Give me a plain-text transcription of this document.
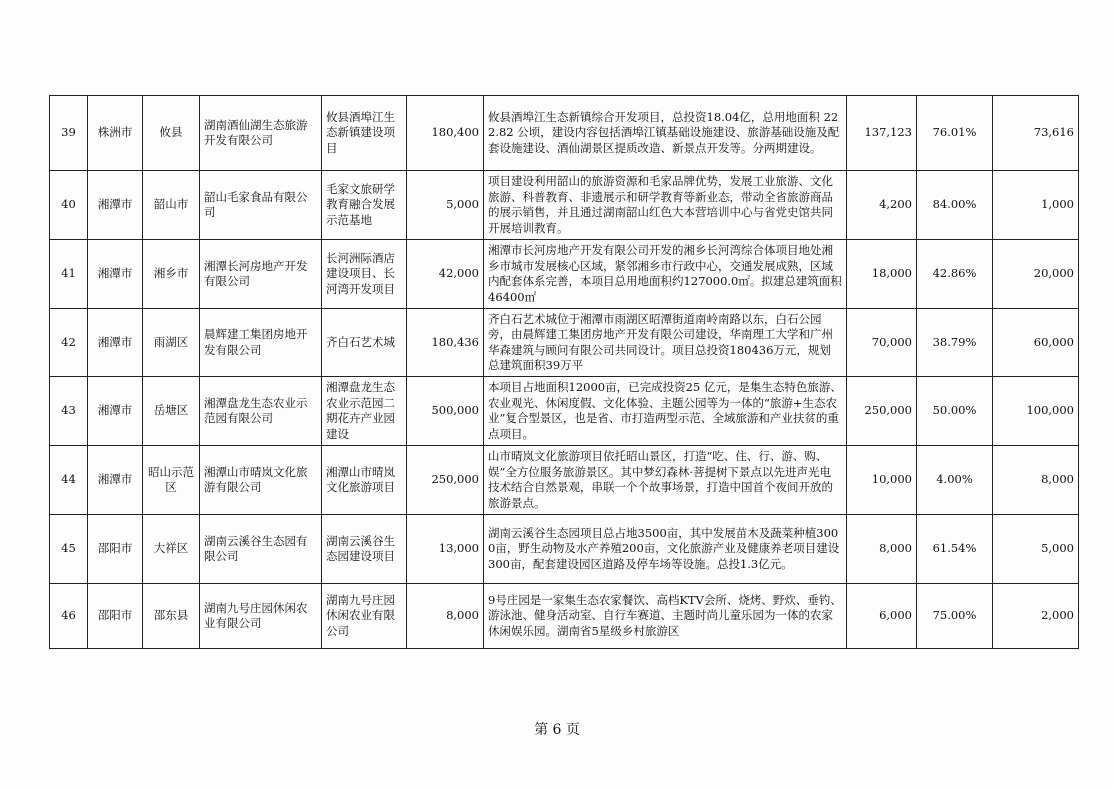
39	株洲市	攸县	湖南酒仙湖生态旅游开发有限公司	攸县酒埠江生态新镇建设项目	180,400	攸县酒埠江生态新镇综合开发项目，总投资18.04亿，总用地面积 222.82 公顷，建设内容包括酒埠江镇基础设施建设、旅游基础设施及配套设施建设、酒仙湖景区提质改造、新景点开发等。分两期建设。	137,123	76.01%	73,616
40	湘潭市	韶山市	韶山毛家食品有限公司	毛家文旅研学教育融合发展示范基地	5,000	项目建设利用韶山的旅游资源和毛家品牌优势，发展工业旅游、文化旅游、科普教育、非遗展示和研学教育等新业态，带动全省旅游商品的展示销售，并且通过湖南韶山红色大本营培训中心与省党史馆共同开展培训教育。	4,200	84.00%	1,000
41	湘潭市	湘乡市	湘潭长河房地产开发有限公司	长河洲际酒店建设项目、长河湾开发项目	42,000	湘潭市长河房地产开发有限公司开发的湘乡长河湾综合体项目地处湘乡市城市发展核心区域，紧邻湘乡市行政中心，交通发展成熟，区域内配套体系完善，本项目总用地面积约127000.0㎡。拟建总建筑面积46400㎡	18,000	42.86%	20,000
42	湘潭市	雨湖区	晨辉建工集团房地开发有限公司	齐白石艺术城	180,436	齐白石艺术城位于湘潭市雨湖区昭潭街道南岭南路以东，白石公园旁，由晨辉建工集团房地产开发有限公司建设，华南理工大学和广州华森建筑与顾问有限公司共同设计。项目总投资180436万元，规划总建筑面积39万平	70,000	38.79%	60,000
43	湘潭市	岳塘区	湘潭盘龙生态农业示范园有限公司	湘潭盘龙生态农业示范园二期花卉产业园建设	500,000	本项目占地面积12000亩，已完成投资25 亿元，是集生态特色旅游、农业观光、休闲度假、文化体验、主题公园等为一体的“旅游+生态农业”复合型景区，也是省、市打造两型示范、全域旅游和产业扶贫的重点项目。	250,000	50.00%	100,000
44	湘潭市	昭山示范区	湘潭山市晴岚文化旅游有限公司	湘潭山市晴岚文化旅游项目	250,000	山市晴岚文化旅游项目依托昭山景区，打造“吃、住、行、游、购、娱”全方位服务旅游景区。其中梦幻森林·菩提树下景点以先进声光电技术结合自然景观，串联一个个故事场景，打造中国首个夜间开放的旅游景点。	10,000	4.00%	8,000
45	邵阳市	大祥区	湖南云溪谷生态园有限公司	湖南云溪谷生态园建设项目	13,000	湖南云溪谷生态园项目总占地3500亩，其中发展苗木及蔬菜种植3000亩，野生动物及水产养殖200亩，文化旅游产业及健康养老项目建设300亩，配套建设园区道路及停车场等设施。总投1.3亿元。	8,000	61.54%	5,000
46	邵阳市	邵东县	湖南九号庄园休闲农业有限公司	湖南九号庄园休闲农业有限公司	8,000	9号庄园是一家集生态农家餐饮、高档KTV会所、烧烤、野炊、垂钓、游泳池、健身活动室、自行车赛道、主题时尚儿童乐园为一体的农家休闲娱乐园。湖南省5星级乡村旅游区	6,000	75.00%	2,000
第 6 页
